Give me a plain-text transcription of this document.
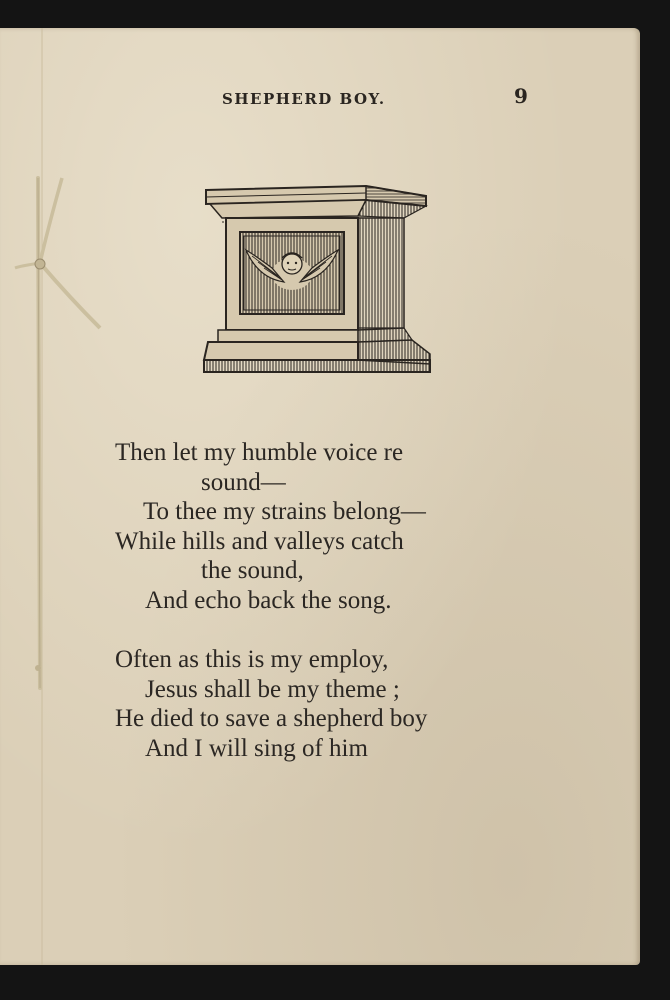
SHEPHERD BOY.	9
Then let my humble voice re
sound—
To thee my strains belong—
While hills and valleys catch
the sound,
And echo back the song.
Often as this is my employ,
Jesus shall be my theme ;
He died to save a shepherd boy
And I will sing of him
